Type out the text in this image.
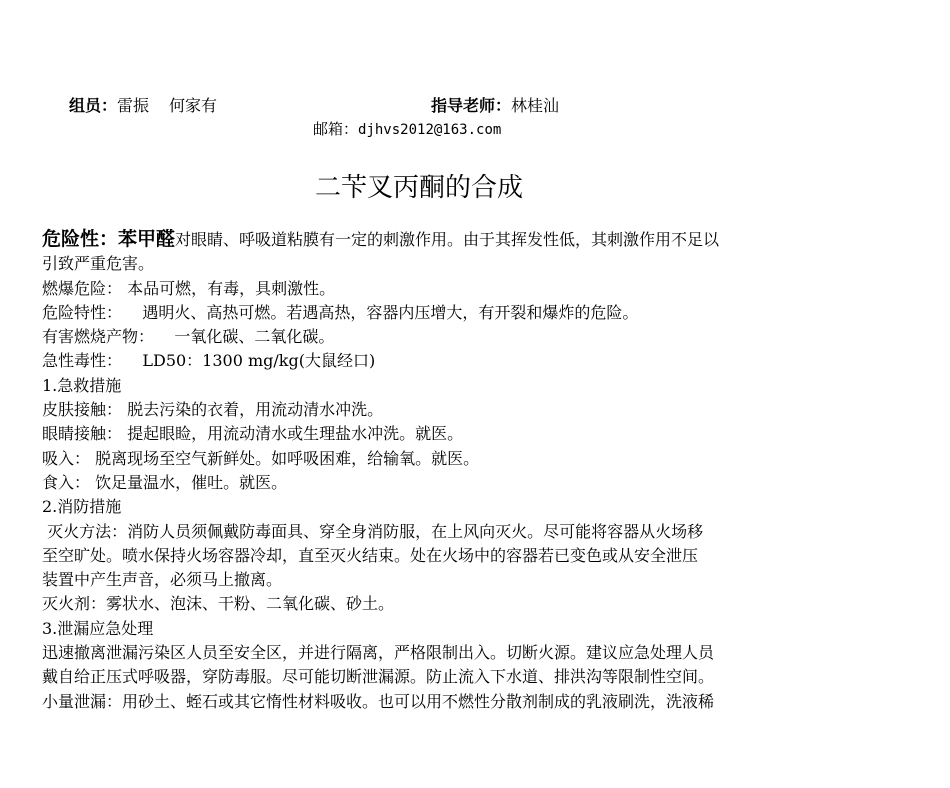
组员：雷振 何家有	指导老师：林桂汕
邮箱：djhvs2012@163.com
二苄叉丙酮的合成
危险性：苯甲醛对眼睛、呼吸道粘膜有一定的刺激作用。由于其挥发性低，其刺激作用不足以
引致严重危害。
燃爆危险： 本品可燃，有毒，具刺激性。
危险特性： 遇明火、高热可燃。若遇高热，容器内压增大，有开裂和爆炸的危险。
有害燃烧产物： 一氧化碳、二氧化碳。
急性毒性： LD50：1300 mg/kg(大鼠经口)
1.急救措施
皮肤接触： 脱去污染的衣着，用流动清水冲洗。
眼睛接触： 提起眼睑，用流动清水或生理盐水冲洗。就医。
吸入： 脱离现场至空气新鲜处。如呼吸困难，给输氧。就医。
食入： 饮足量温水，催吐。就医。
2.消防措施
灭火方法：消防人员须佩戴防毒面具、穿全身消防服，在上风向灭火。尽可能将容器从火场移
至空旷处。喷水保持火场容器冷却，直至灭火结束。处在火场中的容器若已变色或从安全泄压
装置中产生声音，必须马上撤离。
灭火剂：雾状水、泡沫、干粉、二氧化碳、砂土。
3.泄漏应急处理
迅速撤离泄漏污染区人员至安全区，并进行隔离，严格限制出入。切断火源。建议应急处理人员
戴自给正压式呼吸器，穿防毒服。尽可能切断泄漏源。防止流入下水道、排洪沟等限制性空间。
小量泄漏：用砂土、蛭石或其它惰性材料吸收。也可以用不燃性分散剂制成的乳液刷洗，洗液稀
